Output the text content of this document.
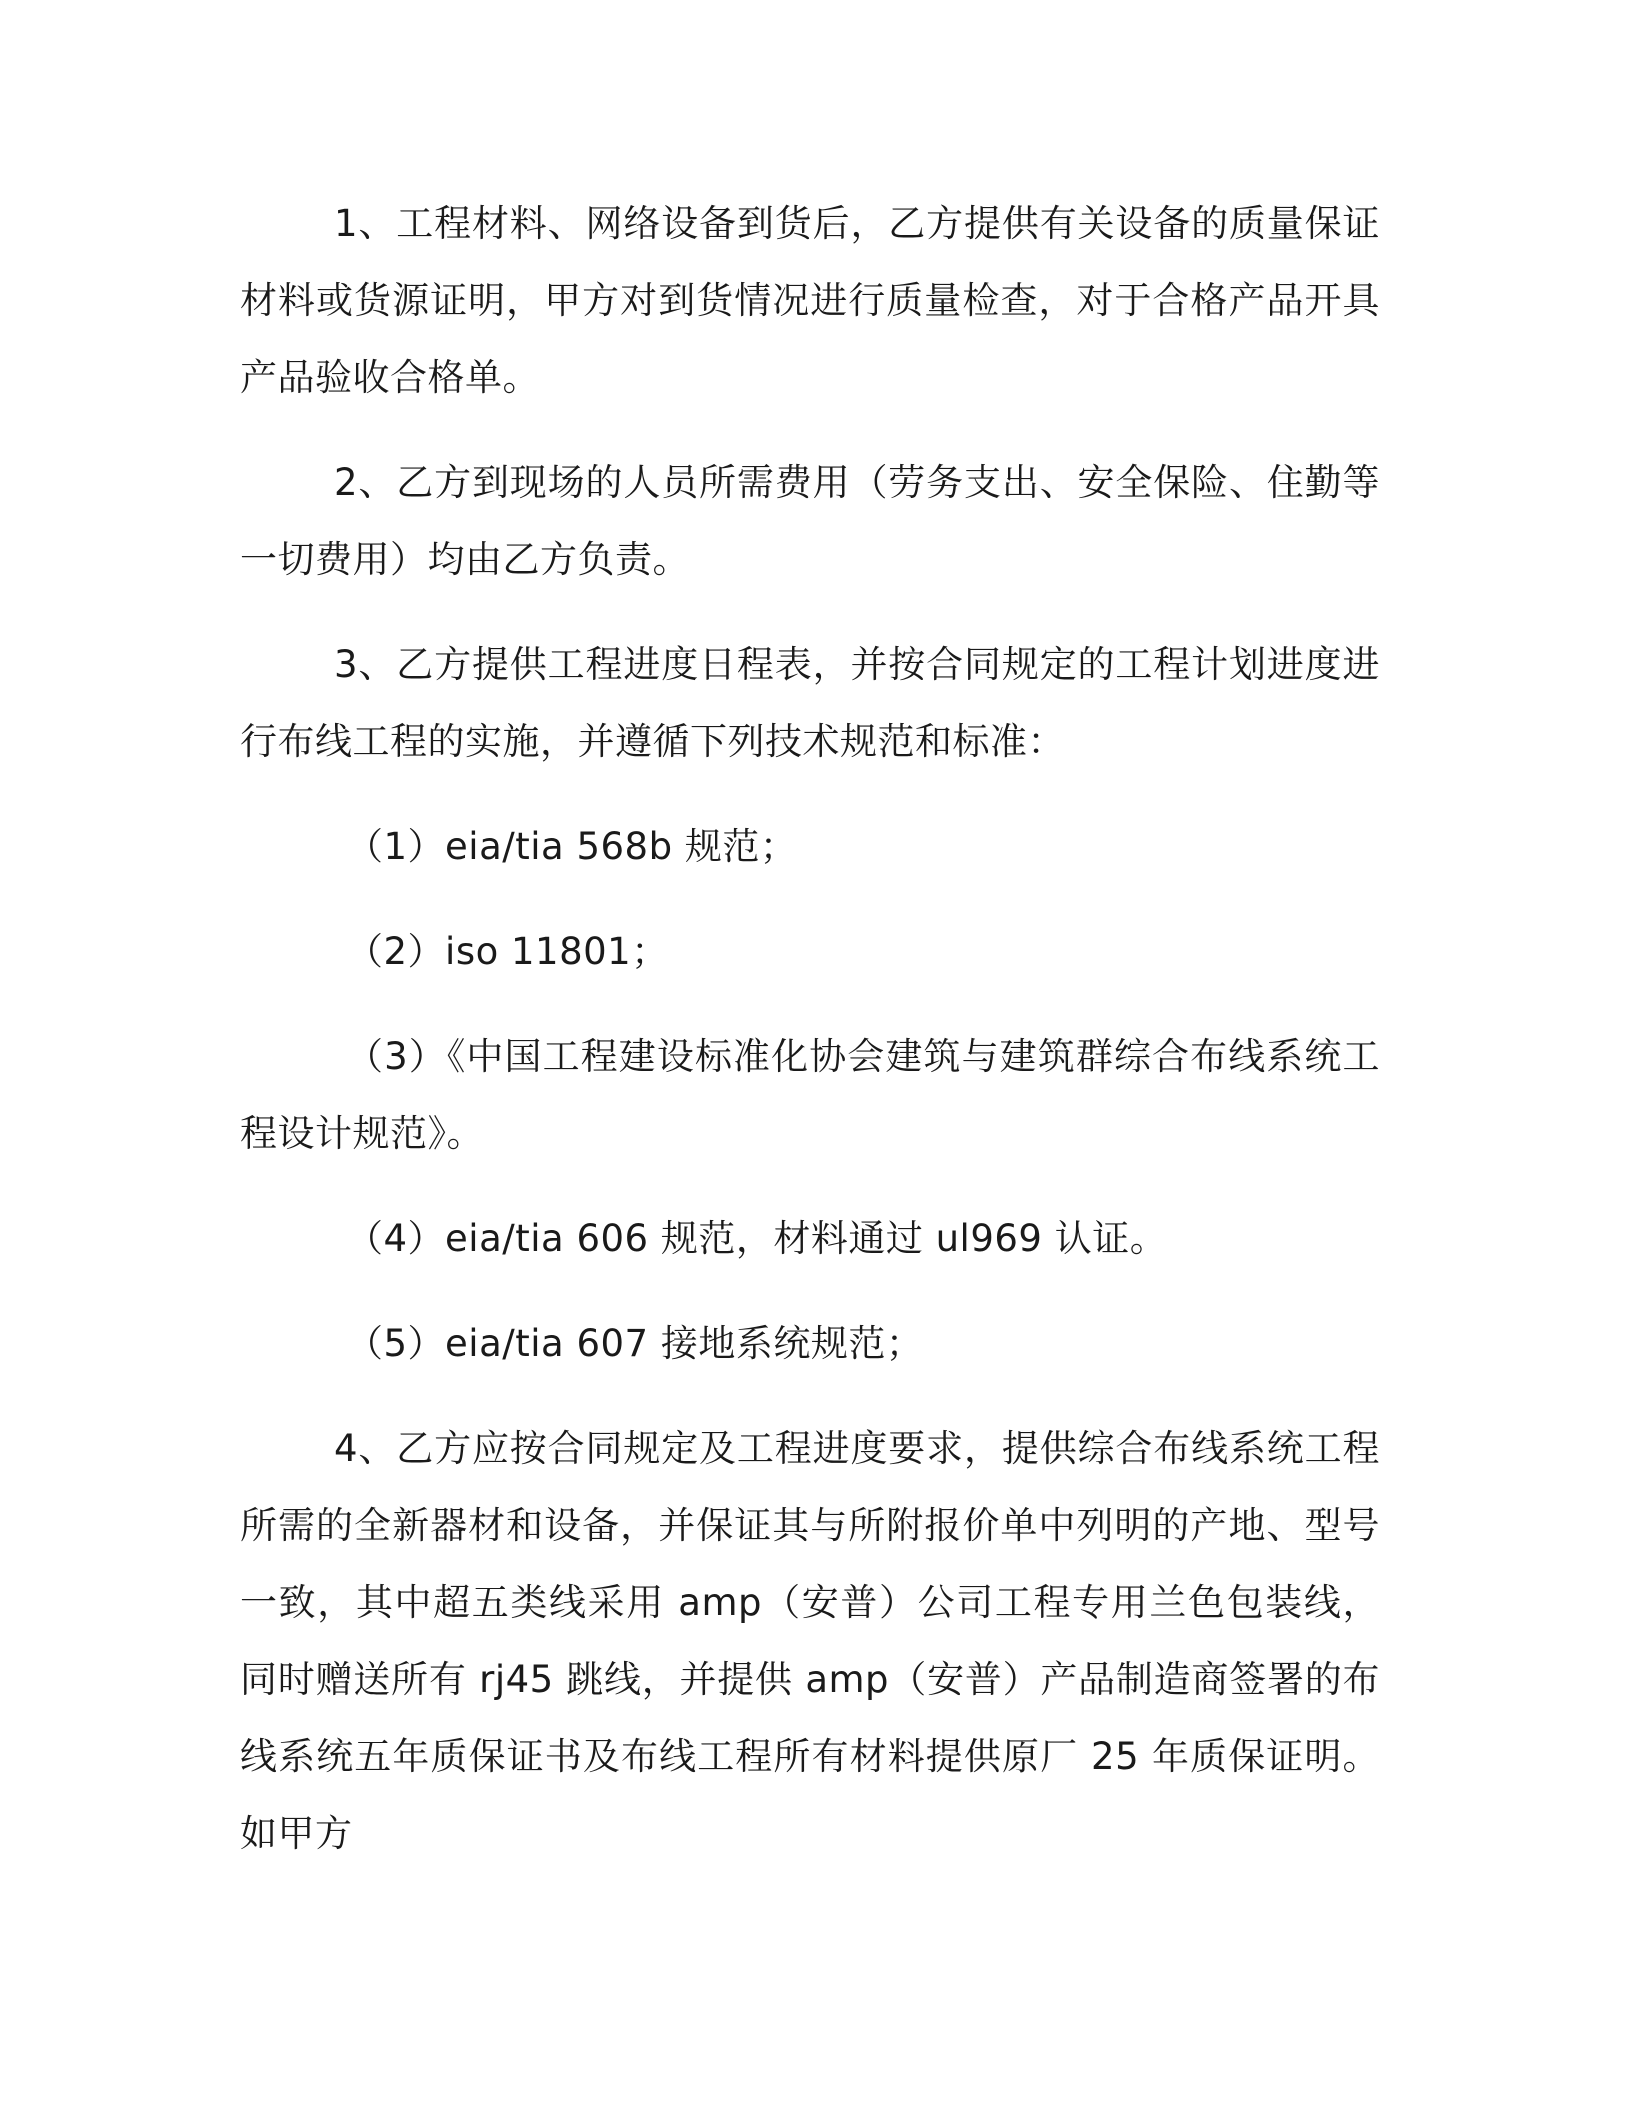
1、工程材料、网络设备到货后，乙方提供有关设备的质量保证材料或货源证明，甲方对到货情况进行质量检查，对于合格产品开具产品验收合格单。

2、乙方到现场的人员所需费用（劳务支出、安全保险、住勤等一切费用）均由乙方负责。

3、乙方提供工程进度日程表，并按合同规定的工程计划进度进行布线工程的实施，并遵循下列技术规范和标准：

（1）eia/tia 568b 规范；

（2）iso 11801；

（3）《中国工程建设标准化协会建筑与建筑群综合布线系统工程设计规范》。

（4）eia/tia 606 规范，材料通过 ul969 认证。

（5）eia/tia 607 接地系统规范；

4、乙方应按合同规定及工程进度要求，提供综合布线系统工程所需的全新器材和设备，并保证其与所附报价单中列明的产地、型号一致，其中超五类线采用 amp（安普）公司工程专用兰色包装线，同时赠送所有 rj45 跳线，并提供 amp（安普）产品制造商签署的布线系统五年质保证书及布线工程所有材料提供原厂 25 年质保证明。如甲方
